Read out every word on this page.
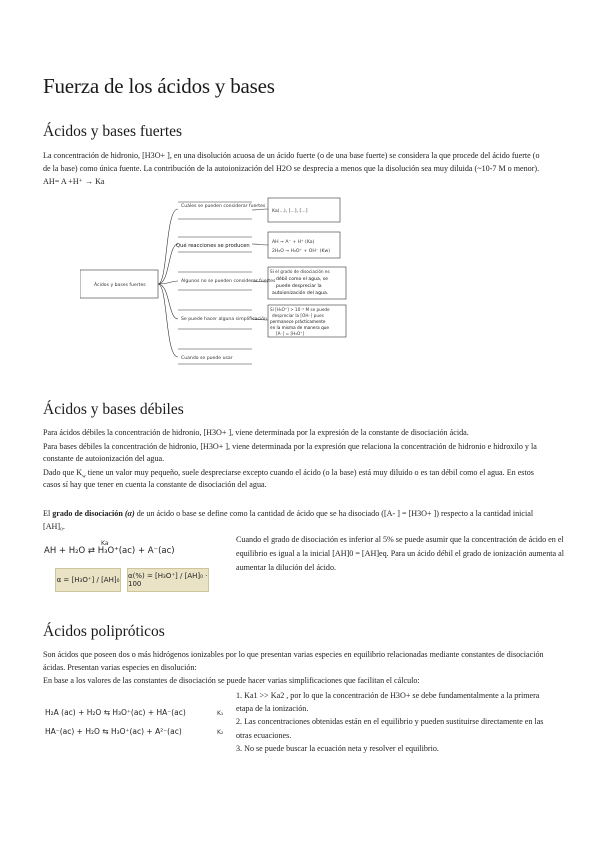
Fuerza de los ácidos y bases
Ácidos y bases fuertes

La concentración de hidronio, [H3O+ ], en una disolución acuosa de un ácido fuerte (o de una base fuerte) se considera la que procede del ácido fuerte (o

de la base) como única fuente. La contribución de la autoionización del H2O se desprecia a menos que la disolución sea muy diluida (~10-7 M o menor).

AH= A +H⁺ → Ka

Ácidos y bases fuertes
Cuáles se pueden considerar fuertes
Qué reacciones se producen
Algunos no se pueden considerar fuertes
Se puede hacer alguna simplificación
Cuando se puede usar
Ka(...), [...], [...]
AH → A⁻ + H⁺ (Ka)
2H₂O → H₃O⁺ + OH⁻ (Kw)
Si el grado de disociación es
débil como el agua, se
puede despreciar la
autoionización del agua.
Si [H₃O⁺] > 10⁻⁶ M se puede
despreciar la [OH⁻] pues
permanece prácticamente
en la misma de manera que
[A⁻] = [H₃O⁺]
Ácidos y bases débiles

Para ácidos débiles la concentración de hidronio, [H3O+ ], viene determinada por la expresión de la constante de disociación ácida.

Para bases débiles la concentración de hidronio, [H3O+ ], viene determinada por la expresión que relaciona la concentración de hidronio e hidroxilo y la

constante de autoionización del agua.

Dado que $K_w$ tiene un valor muy pequeño, suele despreciarse excepto cuando el ácido (o la base) está muy diluido o es tan débil como el agua. En estos

casos sí hay que tener en cuenta la constante de disociación del agua.

El grado de disociación (α) de un ácido o base se define como la cantidad de ácido que se ha disociado ([A- ] = [H3O+ ]) respecto a la cantidad inicial

[AH]₀.

AH + H₂O ⇄ H₃O⁺(ac) + A⁻(ac)
Ka
α = [H₃O⁺] / [AH]₀ α(%) = [H₃O⁺] / [AH]₀ · 100

Cuando el grado de disociación es inferior al 5% se puede asumir que la concentración de ácido en el

equilibrio es igual a la inicial [AH]0 = [AH]eq. Para un ácido débil el grado de ionización aumenta al

aumentar la dilución del ácido.

Ácidos polipróticos

Son ácidos que poseen dos o más hidrógenos ionizables por lo que presentan varias especies en equilibrio relacionadas mediante constantes de disociación

ácidas. Presentan varias especies en disolución:

En base a los valores de las constantes de disociación se puede hacer varias simplificaciones que facilitan el cálculo:

H₂A (ac) + H₂O ⇆ H₃O⁺(ac) + HA⁻(ac)	K₁
HA⁻(ac) + H₂O ⇆ H₃O⁺(ac) + A²⁻(ac)	K₂

1. Ka1 >> Ka2 , por lo que la concentración de H3O+ se debe fundamentalmente a la primera

etapa de la ionización.

2. Las concentraciones obtenidas están en el equilibrio y pueden sustituirse directamente en las

otras ecuaciones.

3. No se puede buscar la ecuación neta y resolver el equilibrio.
